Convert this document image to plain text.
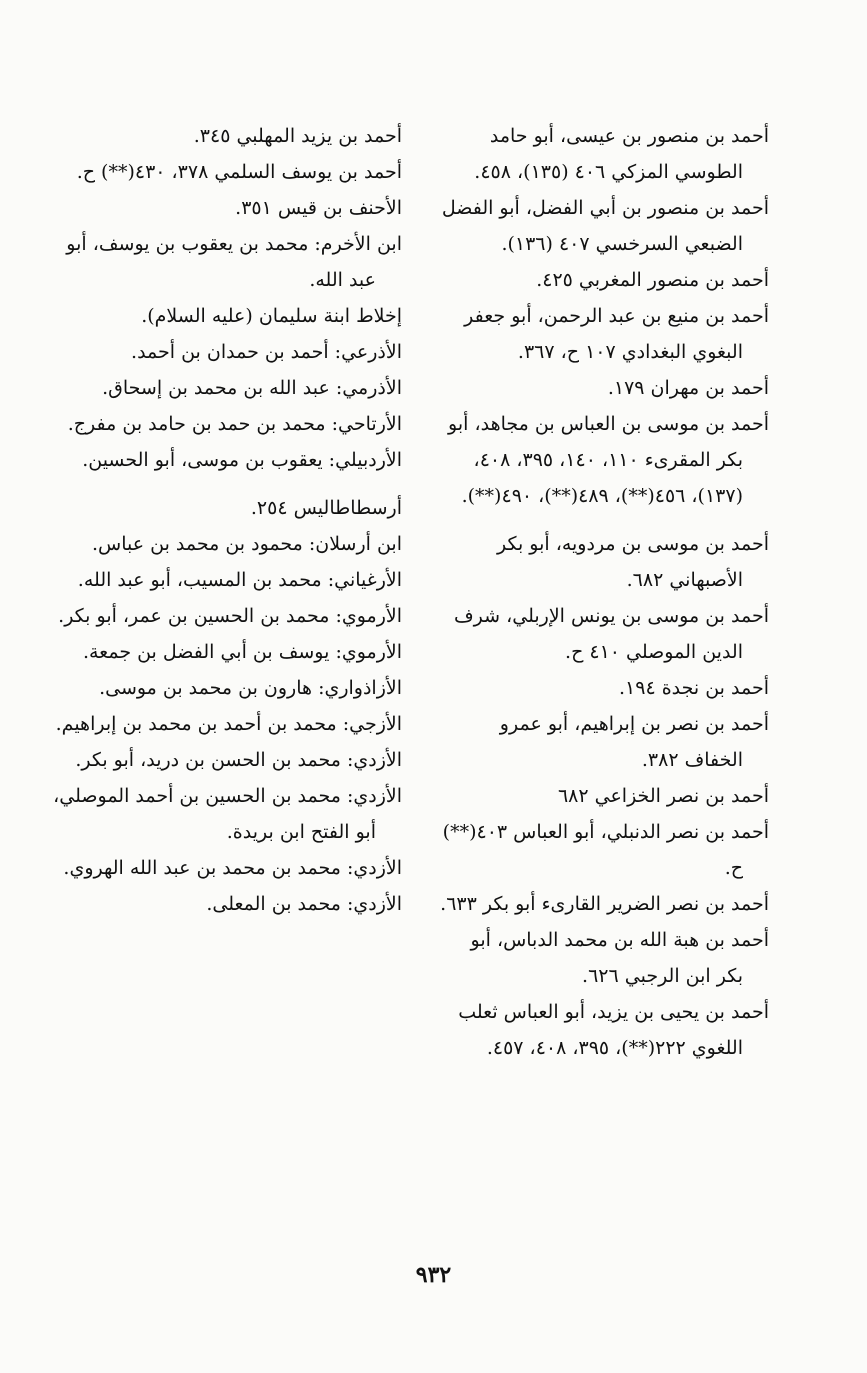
أحمد بن منصور بن عيسى، أبو حامد الطوسي المزكي ٤٠٦ (١٣٥)، ٤٥٨.

أحمد بن منصور بن أبي الفضل، أبو الفضل الضبعي السرخسي ٤٠٧ (١٣٦).

أحمد بن منصور المغربي ٤٢٥.

أحمد بن منيع بن عبد الرحمن، أبو جعفر البغوي البغدادي ١٠٧ ح، ٣٦٧.

أحمد بن مهران ١٧٩.

أحمد بن موسى بن العباس بن مجاهد، أبو بكر المقرىء ١١٠، ١٤٠، ٣٩٥، ٤٠٨، (١٣٧)، ٤٥٦(**)، ٤٨٩(**)، ٤٩٠(**).

أحمد بن موسى بن مردويه، أبو بكر الأصبهاني ٦٨٢.

أحمد بن موسى بن يونس الإربلي، شرف الدين الموصلي ٤١٠ ح.

أحمد بن نجدة ١٩٤.

أحمد بن نصر بن إبراهيم، أبو عمرو الخفاف ٣٨٢.

أحمد بن نصر الخزاعي ٦٨٢

أحمد بن نصر الدنبلي، أبو العباس ٤٠٣(**) ح.

أحمد بن نصر الضرير القارىء أبو بكر ٦٣٣.

أحمد بن هبة الله بن محمد الدباس، أبو بكر ابن الرجبي ٦٢٦.

أحمد بن يحيى بن يزيد، أبو العباس ثعلب اللغوي ٢٢٢(**)، ٣٩٥، ٤٠٨، ٤٥٧.

أحمد بن يزيد المهلبي ٣٤٥.

أحمد بن يوسف السلمي ٣٧٨، ٤٣٠(**) ح.

الأحنف بن قيس ٣٥١.

ابن الأخرم: محمد بن يعقوب بن يوسف، أبو عبد الله.

إخلاط ابنة سليمان (عليه السلام).

الأذرعي: أحمد بن حمدان بن أحمد.

الأذرمي: عبد الله بن محمد بن إسحاق.

الأرتاحي: محمد بن حمد بن حامد بن مفرج.

الأردبيلي: يعقوب بن موسى، أبو الحسين.

أرسطاطاليس ٢٥٤.

ابن أرسلان: محمود بن محمد بن عباس.

الأرغياني: محمد بن المسيب، أبو عبد الله.

الأرموي: محمد بن الحسين بن عمر، أبو بكر.

الأرموي: يوسف بن أبي الفضل بن جمعة.

الأزاذواري: هارون بن محمد بن موسى.

الأزجي: محمد بن أحمد بن محمد بن إبراهيم.

الأزدي: محمد بن الحسن بن دريد، أبو بكر.

الأزدي: محمد بن الحسين بن أحمد الموصلي، أبو الفتح ابن بريدة.

الأزدي: محمد بن محمد بن عبد الله الهروي.

الأزدي: محمد بن المعلى.

٩٣٢
